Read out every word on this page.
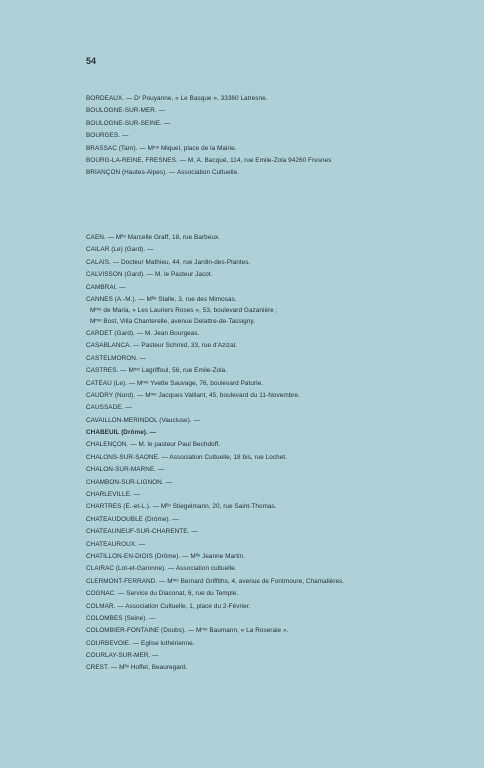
54
BORDEAUX. — Dʳ Pouyanne, « Le Basque », 33360 Latresne.
BOULOGNE-SUR-MER. —
BOULOGNE-SUR-SEINE. —
BOURGES. —
BRASSAC (Tarn). — Mᵐᵉ Miquel, place de la Mairie.
BOURG-LA-REINE, FRESNES. — M. A. Bacqué, 114, rue Emile-Zola 94260 Fresnes
BRIANÇON (Hautes-Alpes). — Association Cultuelle.
CAEN. — Mˡˡᵉ Marcelle Graff, 18, rue Barbeux.
CAILAR (Le) (Gard). —
CALAIS. — Docteur Mathieu, 44, rue Jardin-des-Plantes.
CALVISSON (Gard). — M. le Pasteur Jacot.
CAMBRAI. —
CANNES (A.-M.). — Mˡˡᵉ Stalle, 3, rue des Mimosas.
Mᵐᵉ de Maria, « Les Lauriers Roses », 53, boulevard Gazanière ;
Mᵐᵉ Bost, Villa Chanterelle, avenue Delattre-de-Tassigny.
CARDET (Gard). — M. Jean Bourgeas.
CASABLANCA. — Pasteur Schmid, 33, rue d'Azizal.
CASTELMORON. —
CASTRES. — Mᵐᵉ Lagriffoul, 56, rue Emile-Zola.
CATEAU (Le). — Mᵐᵉ Yvette Sauvage, 76, boulevard Paturle.
CAUDRY (Nord). — Mᵐᵉ Jacques Vaillant, 45, boulevard du 11-Novembre.
CAUSSADE. —
CAVAILLON-MERINDOL (Vaucluse). —
CHABEUIL (Drôme). —
CHALENÇON. — M. le pasteur Paul Bechdoff.
CHALONS-SUR-SAONE. — Association Cultuelle, 18 bis, rue Lochet.
CHALON-SUR-MARNE. —
CHAMBON-SUR-LIGNON. —
CHARLEVILLE. —
CHARTRES (E.-et-L.). — Mˡˡᵉ Stiegelmann, 20, rue Saint-Thomas.
CHATEAUDOUBLE (Drôme). —
CHATEAUNEUF-SUR-CHARENTE. —
CHATEAUROUX. —
CHATILLON-EN-DIOIS (Drôme). — Mˡˡᵉ Jeanne Martin.
CLAIRAC (Lot-et-Garonne). — Association cultuelle.
CLERMONT-FERRAND. — Mᵐᵉ Bernard Griffiths, 4, avenue de Fontmoure, Chamalières.
COGNAC. — Service du Diaconat, 6, rue du Temple.
COLMAR. — Association Cultuelle, 1, place du 2-Février.
COLOMBES (Seine). —
COLOMBIER-FONTAINE (Doubs). — Mᵐᵉ Baumann, « La Roseraie ».
COURBEVOIE. — Eglise luthérienne.
COURLAY-SUR-MER. —
CREST. — Mˡˡᵉ Hoffet, Beauregard.
